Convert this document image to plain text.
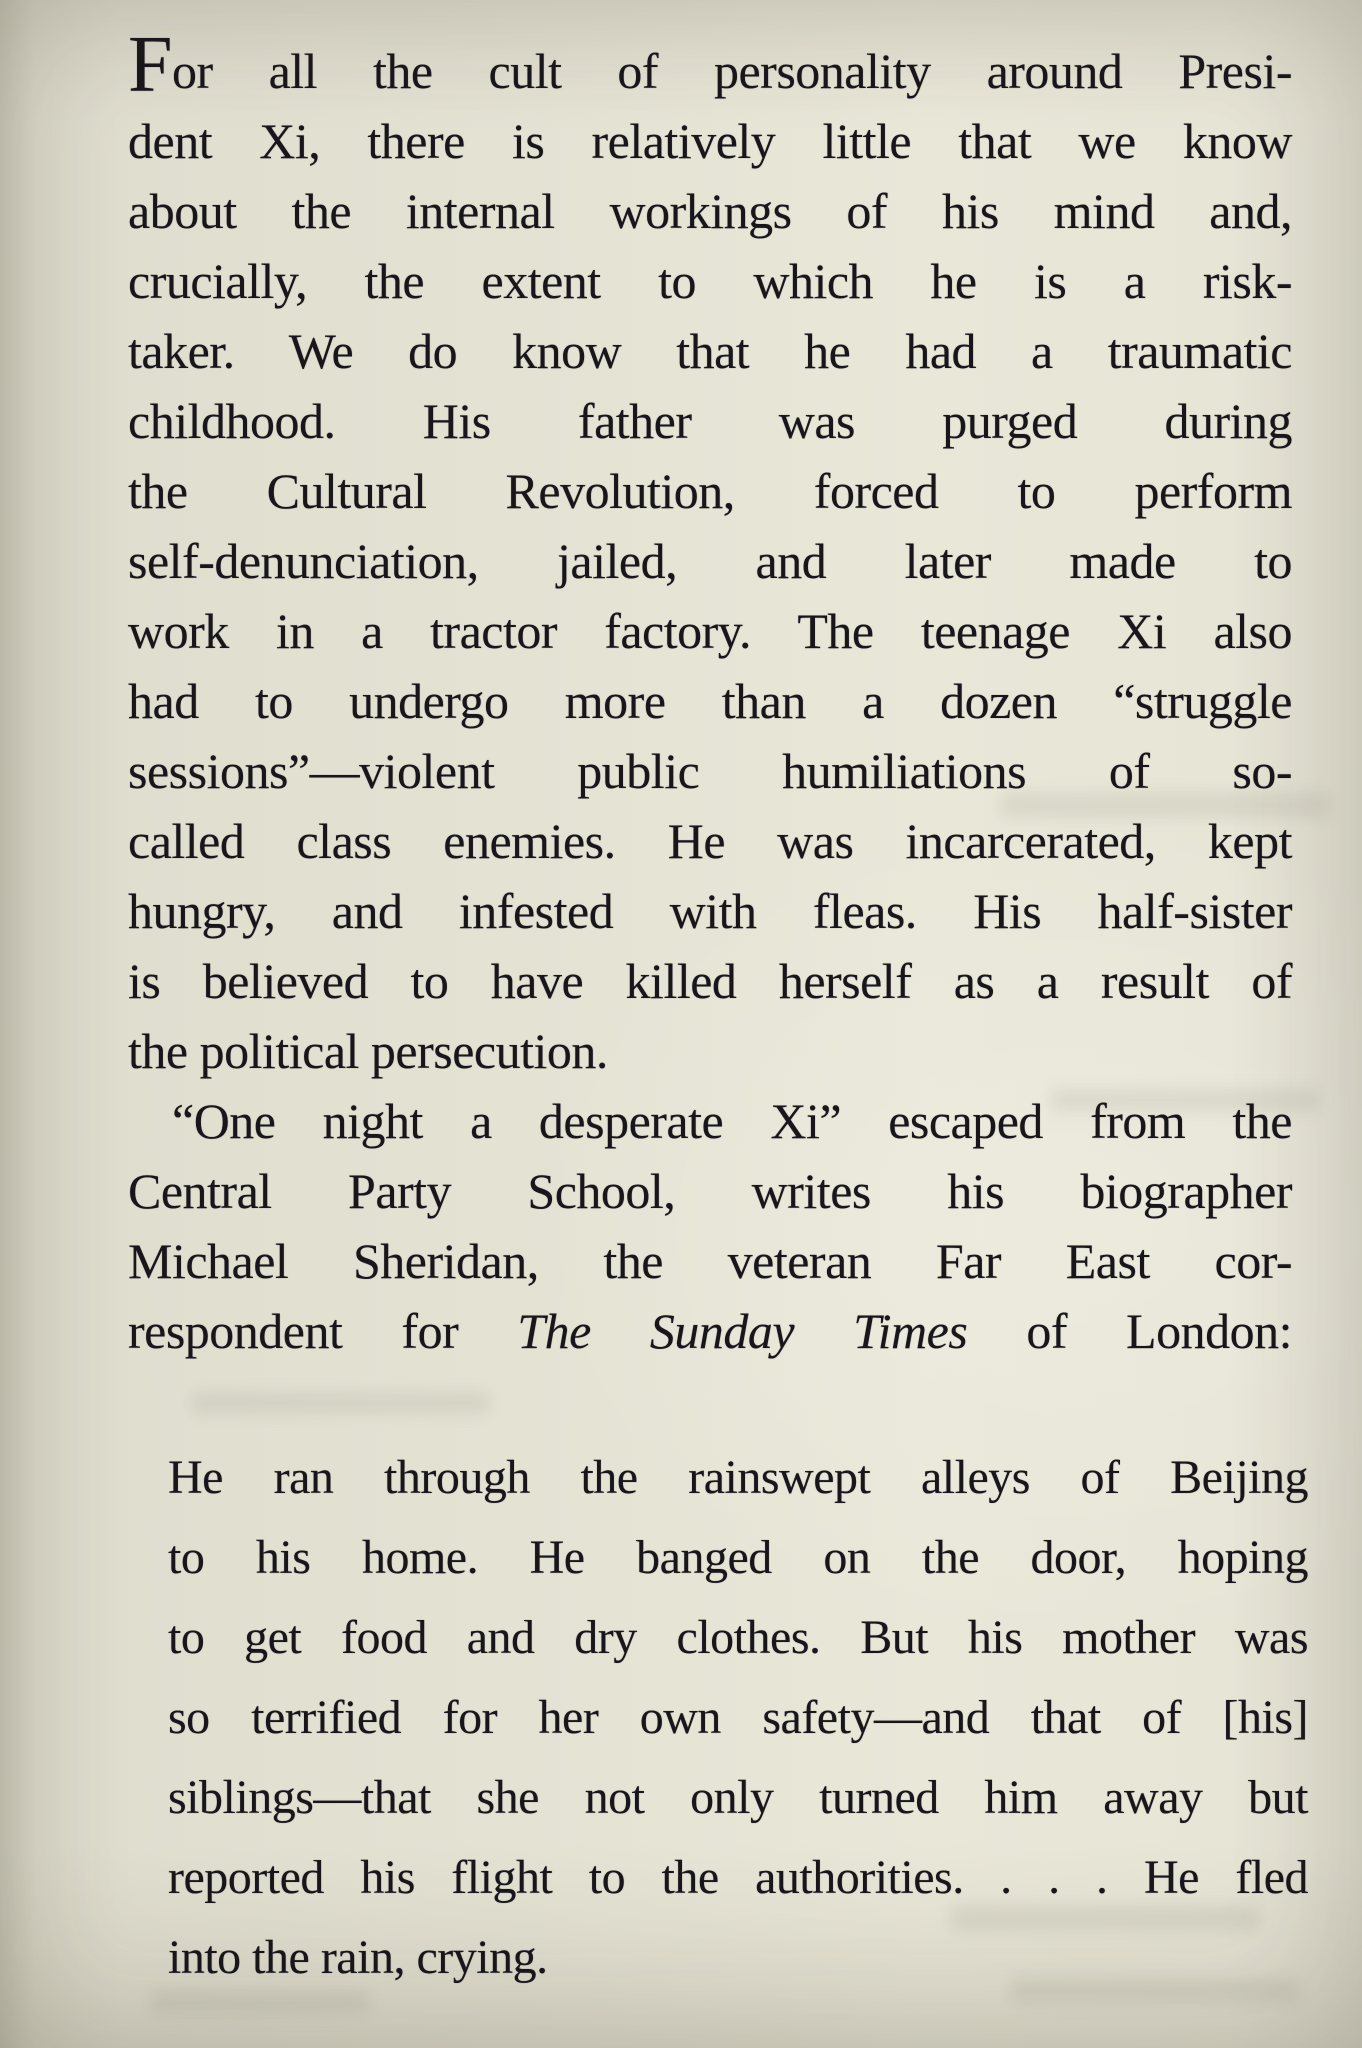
For all the cult of personality around Presi-
dent Xi, there is relatively little that we know
about the internal workings of his mind and,
crucially, the extent to which he is a risk-
taker. We do know that he had a traumatic
childhood. His father was purged during
the Cultural Revolution, forced to perform
self-denunciation, jailed, and later made to
work in a tractor factory. The teenage Xi also
had to undergo more than a dozen “struggle
sessions”—violent public humiliations of so-
called class enemies. He was incarcerated, kept
hungry, and infested with fleas. His half-sister
is believed to have killed herself as a result of
the political persecution.
“One night a desperate Xi” escaped from the
Central Party School, writes his biographer
Michael Sheridan, the veteran Far East cor-
respondent for The Sunday Times of London:
He ran through the rainswept alleys of Beijing
to his home. He banged on the door, hoping
to get food and dry clothes. But his mother was
so terrified for her own safety—and that of [his]
siblings—that she not only turned him away but
reported his flight to the authorities. . . . He fled
into the rain, crying.
